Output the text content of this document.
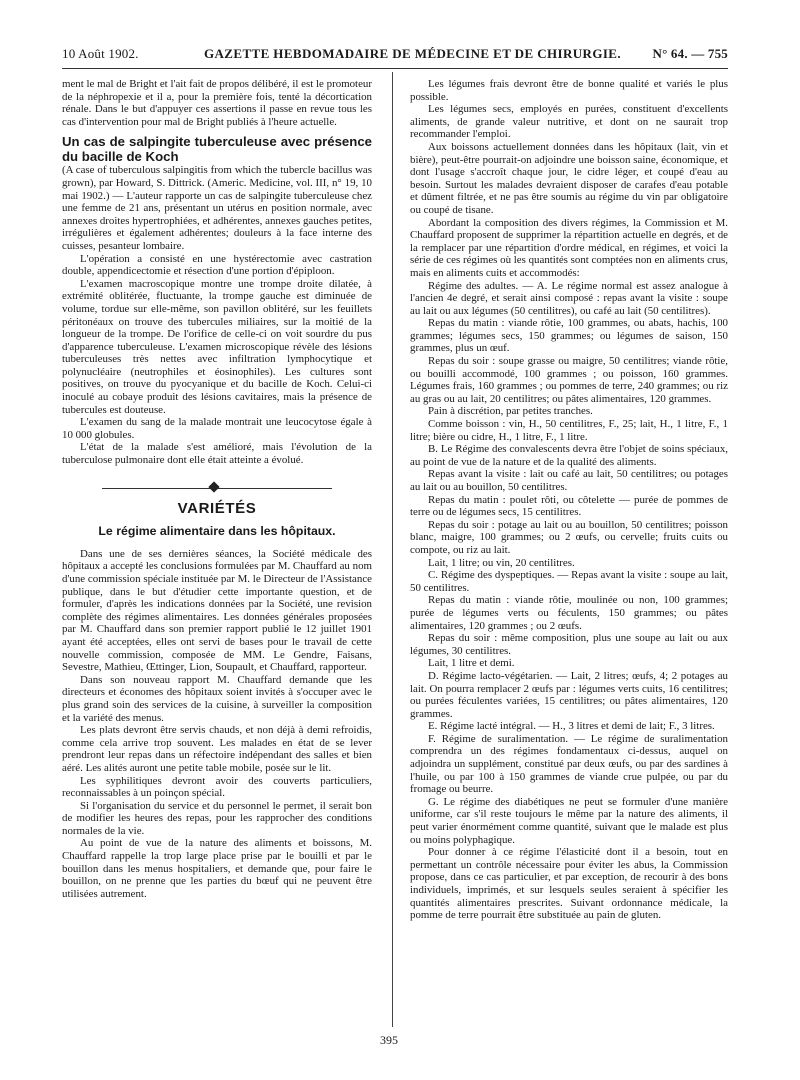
10 Août 1902.	GAZETTE HEBDOMADAIRE DE MÉDECINE ET DE CHIRURGIE. N° 64. — 755

ment le mal de Bright et l'ait fait de propos délibéré, il est le promoteur de la néphropexie et il a, pour la première fois, tenté la décortication rénale. Dans le but d'appuyer ces assertions il passe en revue tous les cas d'intervention pour mal de Bright publiés à l'heure actuelle.

Un cas de salpingite tuberculeuse avec présence du bacille de Koch

(A case of tuberculous salpingitis from which the tubercle bacillus was grown), par Howard, S. Dittrick. (Americ. Medicine, vol. III, n° 19, 10 mai 1902.) — L'auteur rapporte un cas de salpingite tuberculeuse chez une femme de 21 ans, présentant un utérus en position normale, avec annexes droites hypertrophiées, et adhérentes, annexes gauches petites, irrégulières et également adhérentes; douleurs à la face interne des cuisses, pesanteur lombaire.

L'opération a consisté en une hystérectomie avec castration double, appendicectomie et résection d'une portion d'épiploon.

L'examen macroscopique montre une trompe droite dilatée, à extrémité oblitérée, fluctuante, la trompe gauche est diminuée de volume, tordue sur elle-même, son pavillon oblitéré, sur les feuillets péritonéaux on trouve des tubercules miliaires, sur la moitié de la longueur de la trompe. De l'orifice de celle-ci on voit sourdre du pus d'apparence tuberculeuse. L'examen microscopique révèle des lésions tuberculeuses très nettes avec infiltration lymphocytique et polynucléaire (neutrophiles et éosinophiles). Les cultures sont positives, on trouve du pyocyanique et du bacille de Koch. Celui-ci inoculé au cobaye produit des lésions cavitaires, mais la présence de tubercules est douteuse.

L'examen du sang de la malade montrait une leucocytose égale à 10 000 globules.

L'état de la malade s'est amélioré, mais l'évolution de la tuberculose pulmonaire dont elle était atteinte a évolué.

VARIÉTÉS
Le régime alimentaire dans les hôpitaux.

Dans une de ses dernières séances, la Société médicale des hôpitaux a accepté les conclusions formulées par M. Chauffard au nom d'une commission spéciale instituée par M. le Directeur de l'Assistance publique, dans le but d'étudier cette importante question, et de formuler, d'après les indications données par la Société, une revision complète des régimes alimentaires. Les données générales proposées par M. Chauffard dans son premier rapport publié le 12 juillet 1901 ayant été acceptées, elles ont servi de bases pour le travail de cette nouvelle commission, composée de MM. Le Gendre, Faisans, Sevestre, Mathieu, Œttinger, Lion, Soupault, et Chauffard, rapporteur.

Dans son nouveau rapport M. Chauffard demande que les directeurs et économes des hôpitaux soient invités à s'occuper avec le plus grand soin des services de la cuisine, à surveiller la composition et la variété des menus.

Les plats devront être servis chauds, et non déjà à demi refroidis, comme cela arrive trop souvent. Les malades en état de se lever prendront leur repas dans un réfectoire indépendant des salles et bien aéré. Les alités auront une petite table mobile, posée sur le lit.

Les syphilitiques devront avoir des couverts particuliers, reconnaissables à un poinçon spécial.

Si l'organisation du service et du personnel le permet, il serait bon de modifier les heures des repas, pour les rapprocher des conditions normales de la vie.

Au point de vue de la nature des aliments et boissons, M. Chauffard rappelle la trop large place prise par le bouilli et par le bouillon dans les menus hospitaliers, et demande que, pour faire le bouillon, on ne prenne que les parties du bœuf qui ne peuvent être utilisées autrement.

Les légumes frais devront être de bonne qualité et variés le plus possible.

Les légumes secs, employés en purées, constituent d'excellents aliments, de grande valeur nutritive, et dont on ne saurait trop recommander l'emploi.

Aux boissons actuellement données dans les hôpitaux (lait, vin et bière), peut-être pourrait-on adjoindre une boisson saine, économique, et dont l'usage s'accroît chaque jour, le cidre léger, et coupé d'eau au besoin. Surtout les malades devraient disposer de carafes d'eau potable et dûment filtrée, et ne pas être soumis au régime du vin par obligatoire ou coupé de tisane.

Abordant la composition des divers régimes, la Commission et M. Chauffard proposent de supprimer la répartition actuelle en degrés, et de la remplacer par une répartition d'ordre médical, en régimes, et voici la série de ces régimes où les quantités sont comptées non en aliments crus, mais en aliments cuits et accommodés:

Régime des adultes. — A. Le régime normal est assez analogue à l'ancien 4e degré, et serait ainsi composé : repas avant la visite : soupe au lait ou aux légumes (50 centilitres), ou café au lait (50 centilitres).

Repas du matin : viande rôtie, 100 grammes, ou abats, hachis, 100 grammes; légumes secs, 150 grammes; ou légumes de saison, 150 grammes, plus un œuf.

Repas du soir : soupe grasse ou maigre, 50 centilitres; viande rôtie, ou bouilli accommodé, 100 grammes ; ou poisson, 160 grammes. Légumes frais, 160 grammes ; ou pommes de terre, 240 grammes; ou riz au gras ou au lait, 20 centilitres; ou pâtes alimentaires, 120 grammes.

Pain à discrétion, par petites tranches.

Comme boisson : vin, H., 50 centilitres, F., 25; lait, H., 1 litre, F., 1 litre; bière ou cidre, H., 1 litre, F., 1 litre.

B. Le Régime des convalescents devra être l'objet de soins spéciaux, au point de vue de la nature et de la qualité des aliments.

Repas avant la visite : lait ou café au lait, 50 centilitres; ou potages au lait ou au bouillon, 50 centilitres.

Repas du matin : poulet rôti, ou côtelette — purée de pommes de terre ou de légumes secs, 15 centilitres.

Repas du soir : potage au lait ou au bouillon, 50 centilitres; poisson blanc, maigre, 100 grammes; ou 2 œufs, ou cervelle; fruits cuits ou compote, ou riz au lait.

Lait, 1 litre; ou vin, 20 centilitres.

C. Régime des dyspeptiques. — Repas avant la visite : soupe au lait, 50 centilitres.

Repas du matin : viande rôtie, moulinée ou non, 100 grammes; purée de légumes verts ou féculents, 150 grammes; ou pâtes alimentaires, 120 grammes ; ou 2 œufs.

Repas du soir : même composition, plus une soupe au lait ou aux légumes, 30 centilitres.

Lait, 1 litre et demi.

D. Régime lacto-végétarien. — Lait, 2 litres; œufs, 4; 2 potages au lait. On pourra remplacer 2 œufs par : légumes verts cuits, 16 centilitres; ou purées féculentes variées, 15 centilitres; ou pâtes alimentaires, 120 grammes.

E. Régime lacté intégral. — H., 3 litres et demi de lait; F., 3 litres.

F. Régime de suralimentation. — Le régime de suralimentation comprendra un des régimes fondamentaux ci-dessus, auquel on adjoindra un supplément, constitué par deux œufs, ou par des sardines à l'huile, ou par 100 à 150 grammes de viande crue pulpée, ou par du fromage ou beurre.

G. Le régime des diabétiques ne peut se formuler d'une manière uniforme, car s'il reste toujours le même par la nature des aliments, il peut varier énormément comme quantité, suivant que le malade est plus ou moins polyphagique.

Pour donner à ce régime l'élasticité dont il a besoin, tout en permettant un contrôle nécessaire pour éviter les abus, la Commission propose, dans ce cas particulier, et par exception, de recourir à des bons individuels, imprimés, et sur lesquels seules seraient à spécifier les quantités alimentaires prescrites. Suivant ordonnance médicale, la pomme de terre pourrait être substituée au pain de gluten.

395
